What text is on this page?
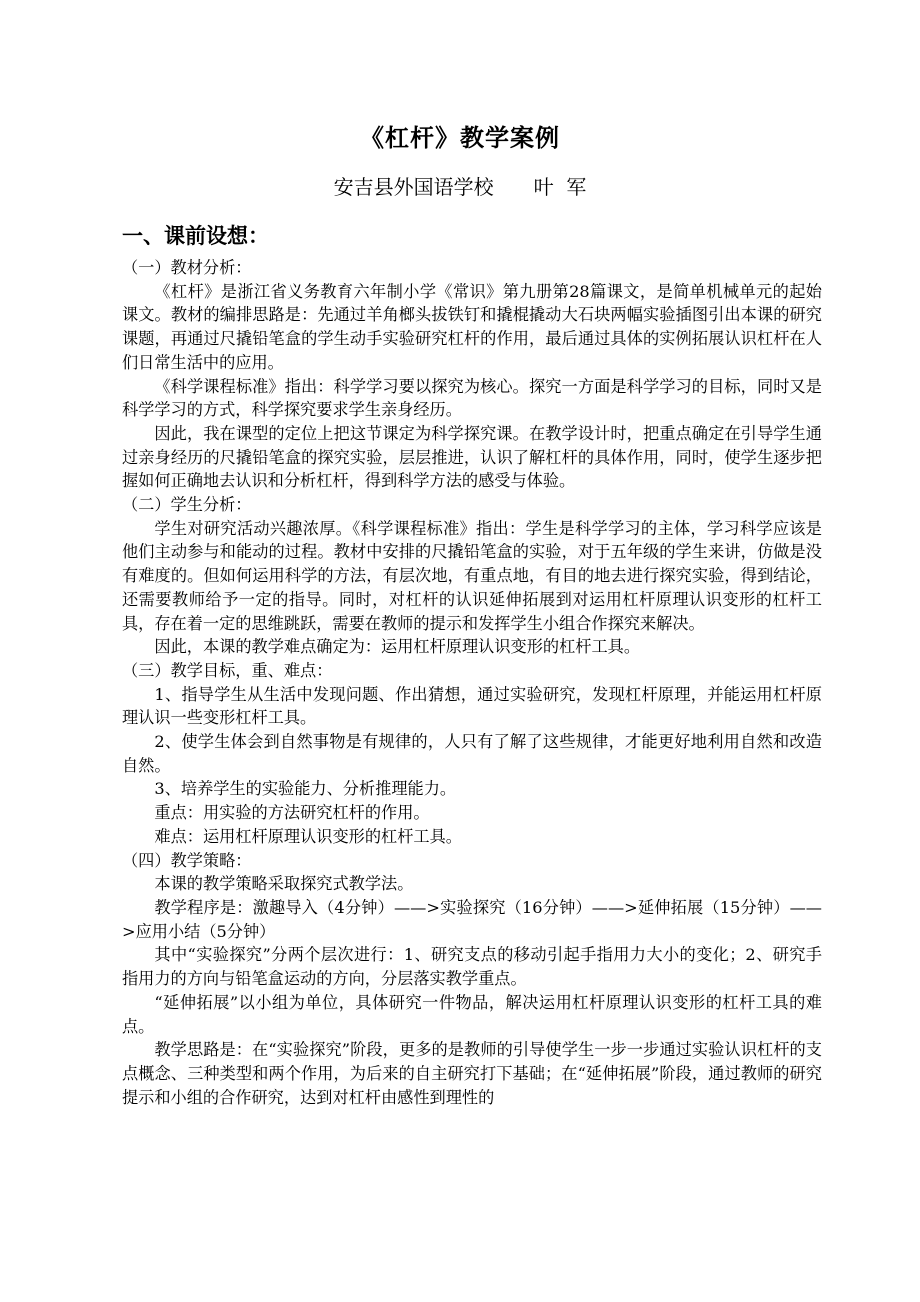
《杠杆》教学案例
安吉县外国语学校　　叶  军
一、课前设想：

（一）教材分析：

《杠杆》是浙江省义务教育六年制小学《常识》第九册第28篇课文，是简单机械单元的起始课文。教材的编排思路是：先通过羊角榔头拔铁钉和撬棍撬动大石块两幅实验插图引出本课的研究课题，再通过尺撬铅笔盒的学生动手实验研究杠杆的作用，最后通过具体的实例拓展认识杠杆在人们日常生活中的应用。

《科学课程标准》指出：科学学习要以探究为核心。探究一方面是科学学习的目标，同时又是科学学习的方式，科学探究要求学生亲身经历。

因此，我在课型的定位上把这节课定为科学探究课。在教学设计时，把重点确定在引导学生通过亲身经历的尺撬铅笔盒的探究实验，层层推进，认识了解杠杆的具体作用，同时，使学生逐步把握如何正确地去认识和分析杠杆，得到科学方法的感受与体验。

（二）学生分析：

学生对研究活动兴趣浓厚。《科学课程标准》指出：学生是科学学习的主体，学习科学应该是他们主动参与和能动的过程。教材中安排的尺撬铅笔盒的实验，对于五年级的学生来讲，仿做是没有难度的。但如何运用科学的方法，有层次地，有重点地，有目的地去进行探究实验，得到结论，还需要教师给予一定的指导。同时，对杠杆的认识延伸拓展到对运用杠杆原理认识变形的杠杆工具，存在着一定的思维跳跃，需要在教师的提示和发挥学生小组合作探究来解决。

因此，本课的教学难点确定为：运用杠杆原理认识变形的杠杆工具。

（三）教学目标，重、难点：

1、指导学生从生活中发现问题、作出猜想，通过实验研究，发现杠杆原理，并能运用杠杆原理认识一些变形杠杆工具。

2、使学生体会到自然事物是有规律的，人只有了解了这些规律，才能更好地利用自然和改造自然。

3、培养学生的实验能力、分析推理能力。

重点：用实验的方法研究杠杆的作用。

难点：运用杠杆原理认识变形的杠杆工具。

（四）教学策略：

本课的教学策略采取探究式教学法。

教学程序是：激趣导入（4分钟）——>实验探究（16分钟）——>延伸拓展（15分钟）——>应用小结（5分钟）

其中“实验探究”分两个层次进行：1、研究支点的移动引起手指用力大小的变化；2、研究手指用力的方向与铅笔盒运动的方向，分层落实教学重点。

“延伸拓展”以小组为单位，具体研究一件物品，解决运用杠杆原理认识变形的杠杆工具的难点。

教学思路是：在“实验探究”阶段，更多的是教师的引导使学生一步一步通过实验认识杠杆的支点概念、三种类型和两个作用，为后来的自主研究打下基础；在“延伸拓展”阶段，通过教师的研究提示和小组的合作研究，达到对杠杆由感性到理性的
